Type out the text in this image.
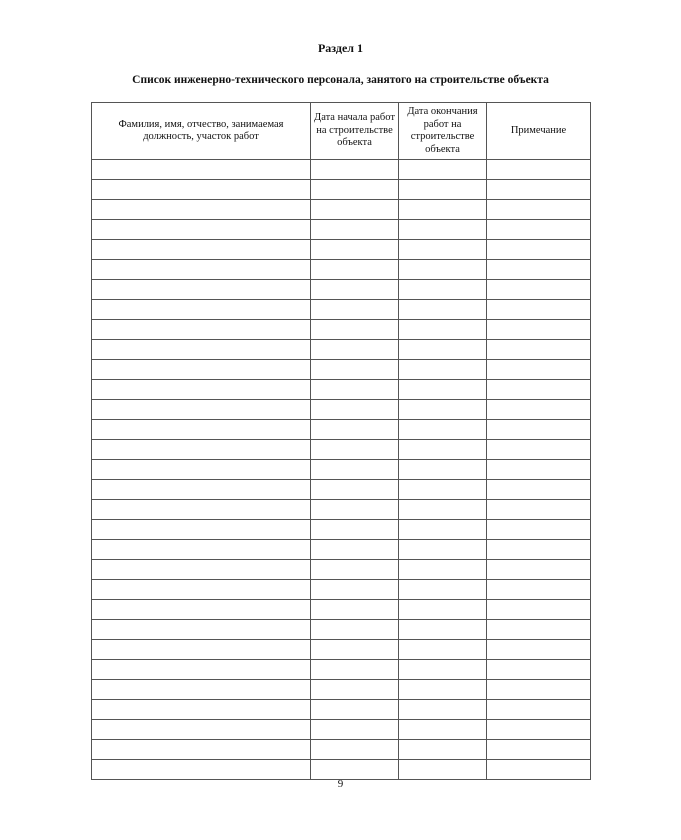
Раздел 1
Список инженерно-технического персонала, занятого на строительстве объекта
Фамилия, имя, отчество, занимаемая должность, участок работ	Дата начала работ на строительстве объекта	Дата окончания работ на строительстве объекта	Примечание

9
